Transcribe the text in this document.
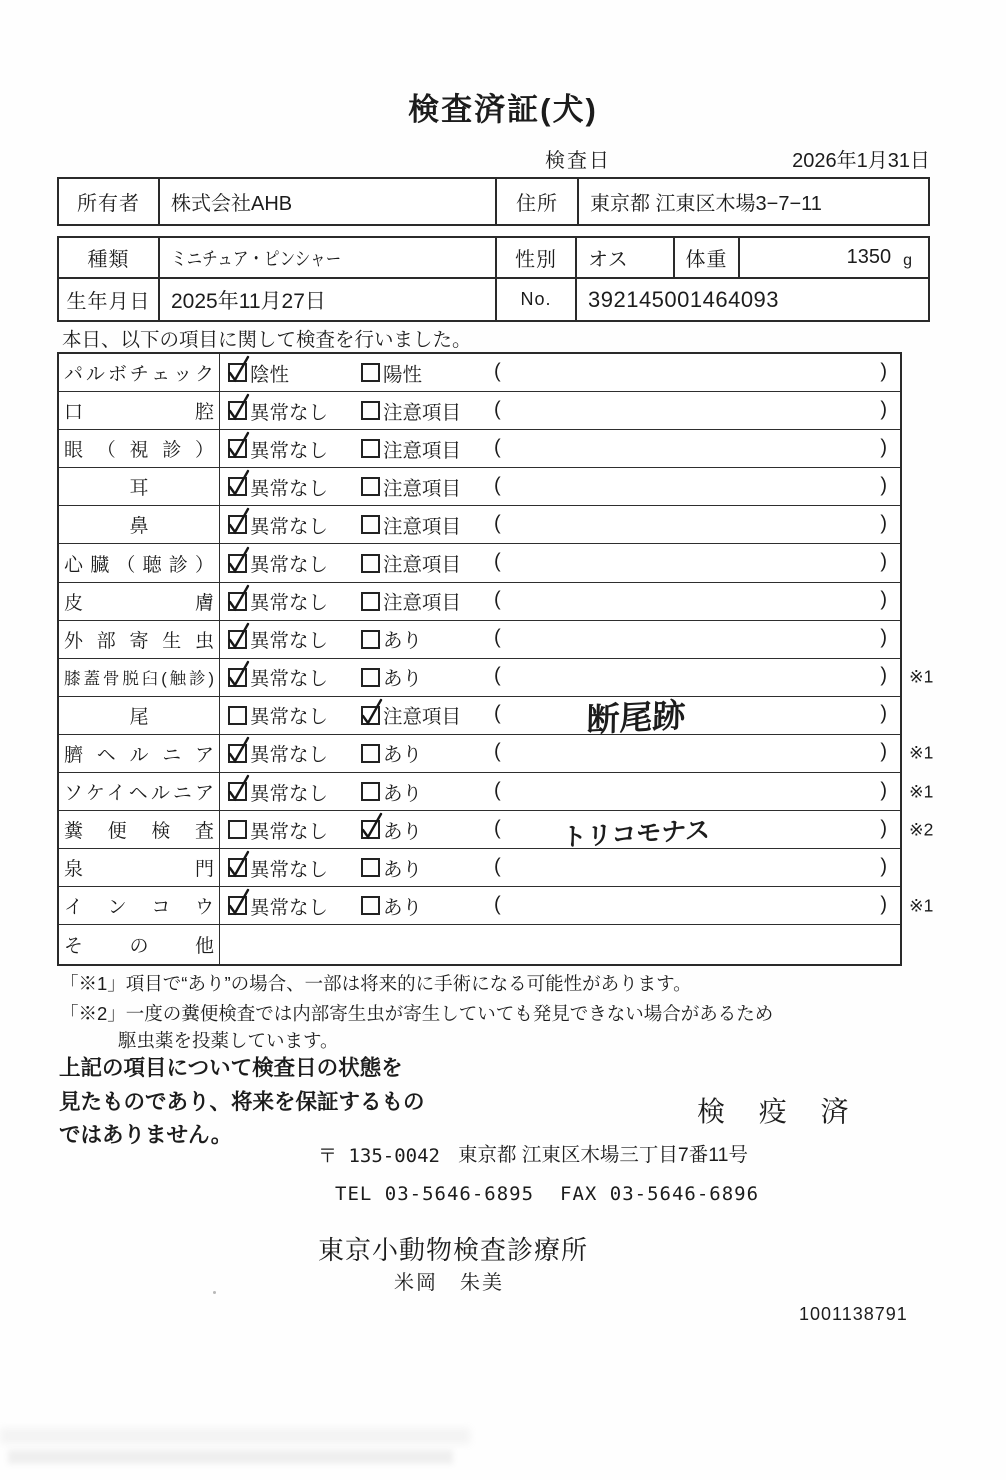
検査済証(犬)
検査日	2026年1月31日
所有者	株式会社AHB	住所	東京都 江東区木場3−7−11
種類	ミニチュア・ピンシャー	性別	オス	体重	1350 g
生年月日 2025年11月27日	No.	392145001464093
本日、以下の項目に関して検査を行いました。
パルボチェック 陰性	陽性	(	)
口腔 異常なし	注意項目 (	)
眼（視診） 異常なし	注意項目 (	)
耳	異常なし	注意項目 (	)
鼻	異常なし	注意項目 (	)
心臓（聴診） 異常なし	注意項目 (	)
皮膚 異常なし	注意項目 (	)
外部寄生虫 異常なし	あり	(	)
膝蓋骨脱臼(触診) 異常なし	あり	(	) ※1
尾	異常なし	注意項目 (	断尾跡	)
臍ヘルニア 異常なし	あり	(	) ※1
ソケイヘルニア 異常なし	あり	(	) ※1
糞便検査 異常なし	あり	(	トリコモナス	) ※2
泉門 異常なし	あり	(	)
インコウ 異常なし	あり	(	) ※1
その他
「※1」項目で“あり”の場合、一部は将来的に手術になる可能性があります。
「※2」一度の糞便検査では内部寄生虫が寄生していても発見できない場合があるため
駆虫薬を投薬しています。
上記の項目について検査日の状態を
見たものであり、将来を保証するもの
ではありません。
検 疫 済
〒 135-0042 東京都 江東区木場三丁目7番11号
TEL 03-5646-6895 FAX 03-5646-6896
東京小動物検査診療所
米岡　朱美
1001138791
